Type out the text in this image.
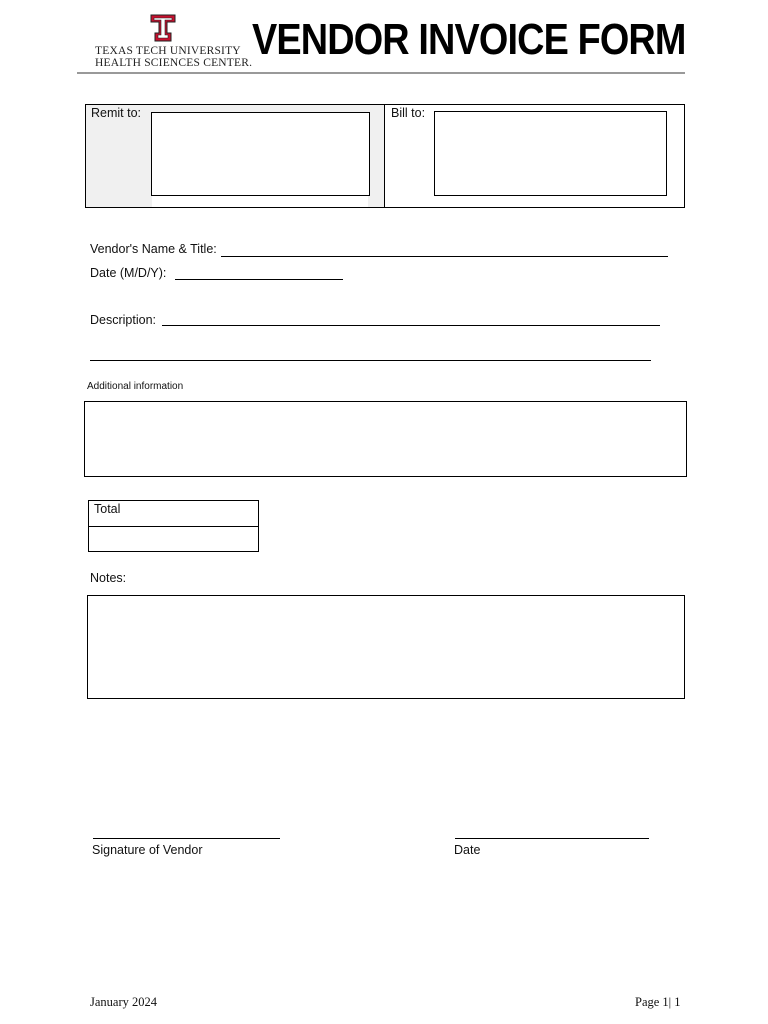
TEXAS TECH UNIVERSITY
HEALTH SCIENCES CENTER. VENDOR INVOICE FORM
Remit to:	Bill to:
Vendor's Name & Title:
Date (M/D/Y):
Description:
Additional information
Total
Notes:
Signature of Vendor	Date
January 2024	Page 1| 1
